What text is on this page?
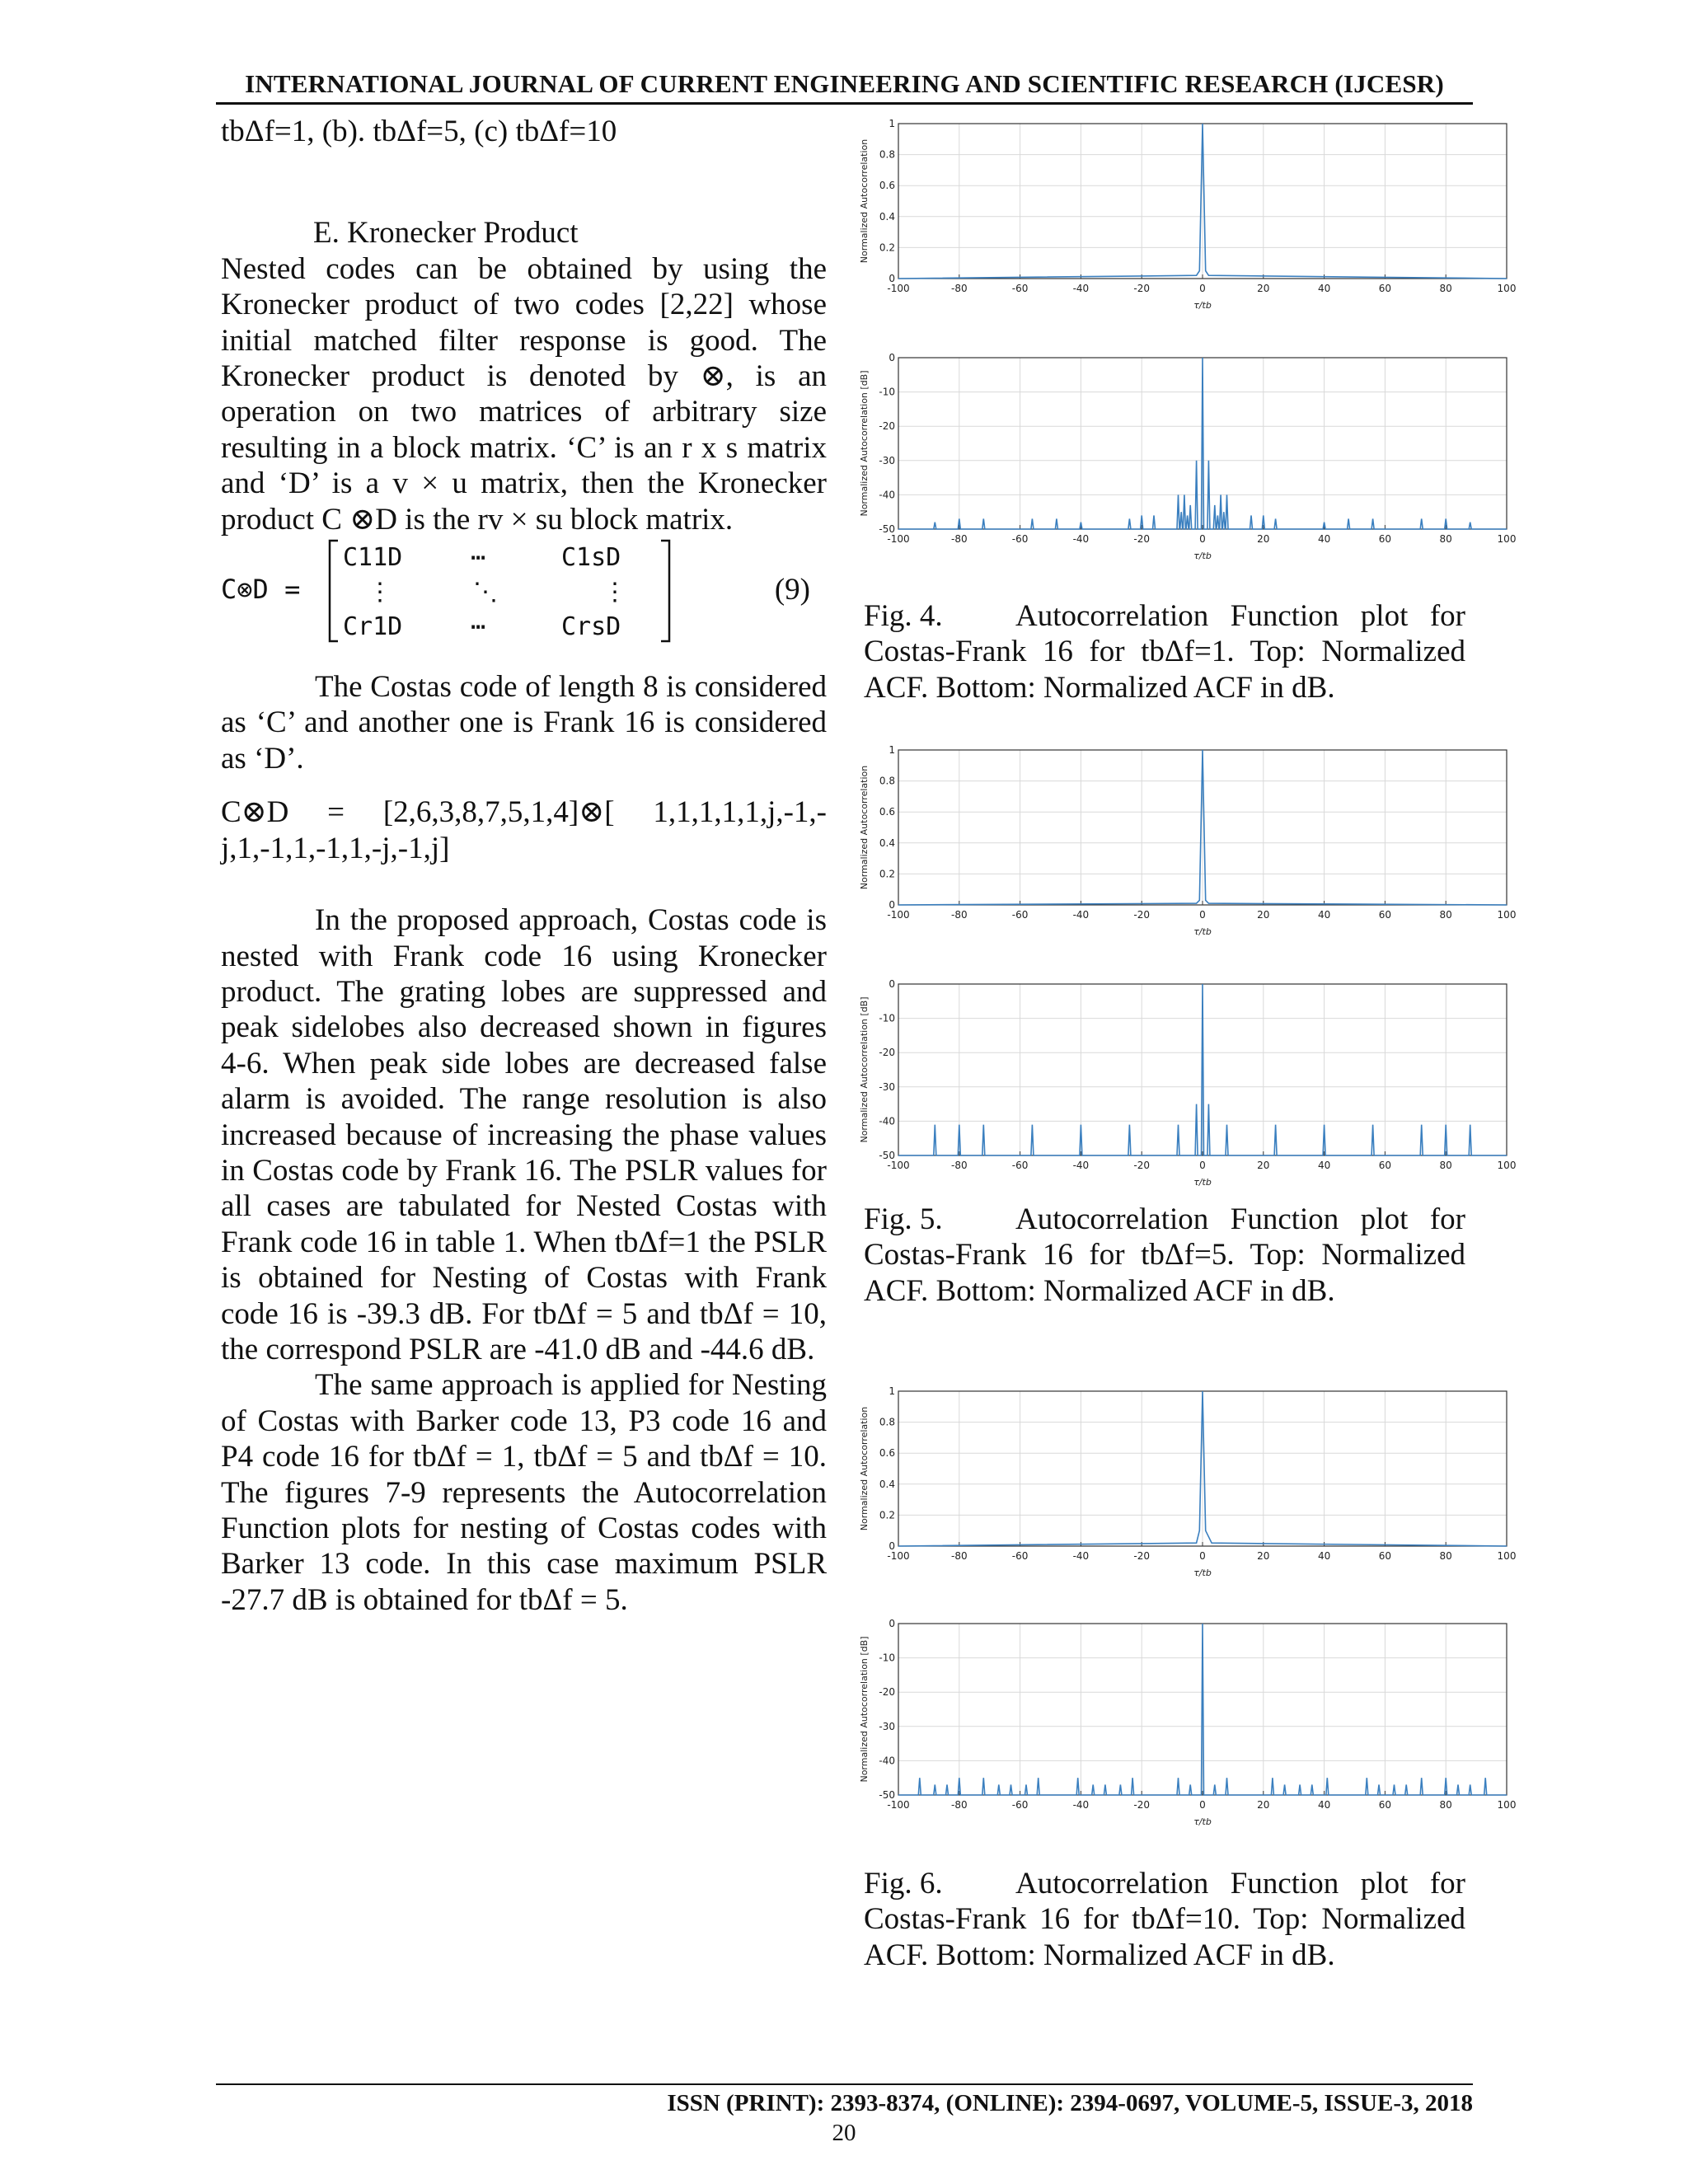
INTERNATIONAL JOURNAL OF CURRENT ENGINEERING AND SCIENTIFIC RESEARCH (IJCESR)

tbΔf=1, (b). tbΔf=5, (c) tbΔf=10

E. Kronecker Product

Nested codes can be obtained by using the Kronecker product of two codes [2,22] whose initial matched filter response is good. The Kronecker product is denoted by ⊗, is an operation on two matrices of arbitrary size resulting in a block matrix. ‘C’ is an r x s matrix and ‘D’ is a v × u matrix, then the Kronecker product C ⊗D is the rv × su block matrix.

C⊗D =
C11D	⋯	C1sD
⋮	⋱	⋮
Cr1D	⋯	CrsD
(9)

The Costas code of length 8 is considered as ‘C’ and another one is Frank 16 is considered as ‘D’.

C⊗D = [2,6,3,8,7,5,1,4]⊗[ 1,1,1,1,1,j,-1,-j,1,-1,1,-1,1,-j,-1,j]

In the proposed approach, Costas code is nested with Frank code 16 using Kronecker product. The grating lobes are suppressed and peak sidelobes also decreased shown in figures 4-6. When peak side lobes are decreased false alarm is avoided. The range resolution is also increased because of increasing the phase values in Costas code by Frank 16. The PSLR values for all cases are tabulated for Nested Costas with Frank code 16 in table 1. When tbΔf=1 the PSLR is obtained for Nesting of Costas with Frank code 16 is -39.3 dB. For tbΔf = 5 and tbΔf = 10, the correspond PSLR are -41.0 dB and -44.6 dB.

The same approach is applied for Nesting of Costas with Barker code 13, P3 code 16 and P4 code 16 for tbΔf = 1, tbΔf = 5 and tbΔf = 10. The figures 7-9 represents the Autocorrelation Function plots for nesting of Costas codes with Barker 13 code. In this case maximum PSLR -27.7 dB is obtained for tbΔf = 5.

-100	-80	-60	-40	-20	0	20	40	60	80	100
0
0.2
0.4
0.6
0.8
1
Normalized Autocorrelation
τ/tb
-100	-80	-60	-40	-20	0	20	40	60	80	100
-50
-40
-30
-20
-10
0
Normalized Autocorrelation [dB]
τ/tb
Fig. 4. Autocorrelation Function plot for Costas-Frank 16 for tbΔf=1. Top: Normalized ACF. Bottom: Normalized ACF in dB.
-100	-80	-60	-40	-20	0	20	40	60	80	100
0
0.2
0.4
0.6
0.8
1
Normalized Autocorrelation
τ/tb
-100	-80	-60	-40	-20	0	20	40	60	80	100
-50
-40
-30
-20
-10
0
Normalized Autocorrelation [dB]
τ/tb
Fig. 5. Autocorrelation Function plot for Costas-Frank 16 for tbΔf=5. Top: Normalized ACF. Bottom: Normalized ACF in dB.
-100	-80	-60	-40	-20	0	20	40	60	80	100
0
0.2
0.4
0.6
0.8
1
Normalized Autocorrelation
τ/tb
-100	-80	-60	-40	-20	0	20	40	60	80	100
-50
-40
-30
-20
-10
0
Normalized Autocorrelation [dB]
τ/tb
Fig. 6. Autocorrelation Function plot for Costas-Frank 16 for tbΔf=10. Top: Normalized ACF. Bottom: Normalized ACF in dB.
ISSN (PRINT): 2393-8374, (ONLINE): 2394-0697, VOLUME-5, ISSUE-3, 2018
20
